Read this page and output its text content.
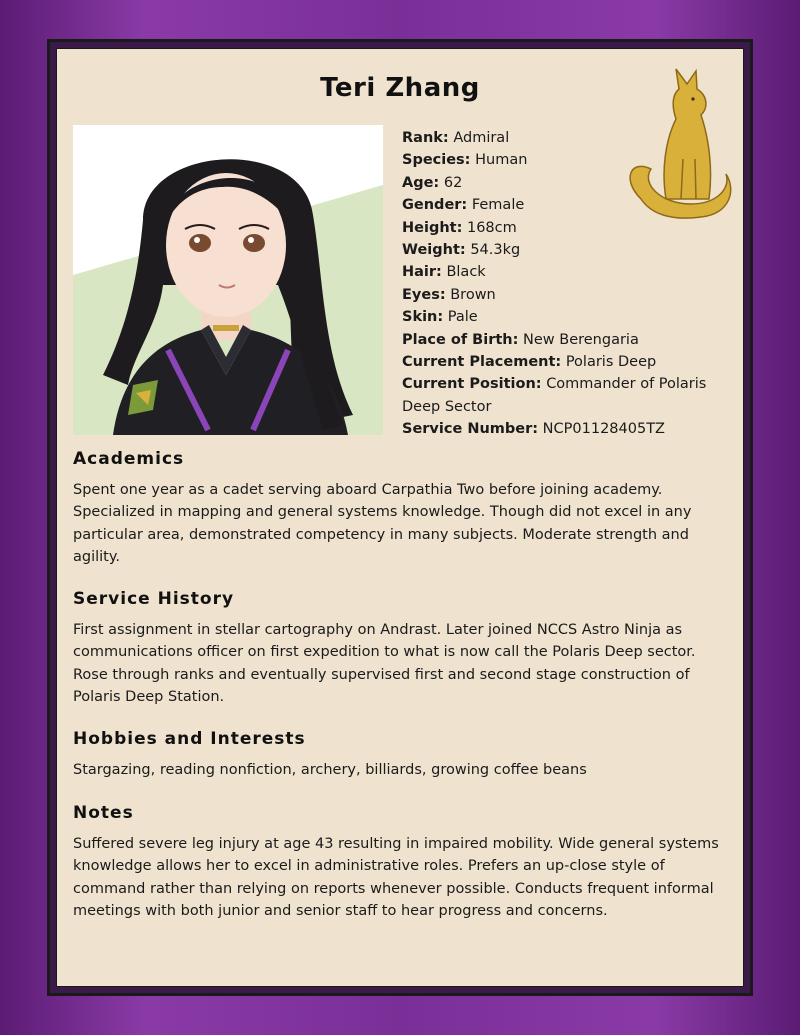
Teri Zhang
Rank: Admiral
Species: Human
Age: 62
Gender: Female
Height: 168cm
Weight: 54.3kg
Hair: Black
Eyes: Brown
Skin: Pale
Place of Birth: New Berengaria
Current Placement: Polaris Deep
Current Position: Commander of Polaris Deep Sector
Service Number: NCP01128405TZ
Academics

Spent one year as a cadet serving aboard Carpathia Two before joining academy. Specialized in mapping and general systems knowledge. Though did not excel in any particular area, demonstrated competency in many subjects. Moderate strength and agility.

Service History

First assignment in stellar cartography on Andrast. Later joined NCCS Astro Ninja as communications officer on first expedition to what is now call the Polaris Deep sector. Rose through ranks and eventually supervised first and second stage construction of Polaris Deep Station.

Hobbies and Interests

Stargazing, reading nonfiction, archery, billiards, growing coffee beans

Notes

Suffered severe leg injury at age 43 resulting in impaired mobility. Wide general systems knowledge allows her to excel in administrative roles. Prefers an up-close style of command rather than relying on reports whenever possible. Conducts frequent informal meetings with both junior and senior staff to hear progress and concerns.
